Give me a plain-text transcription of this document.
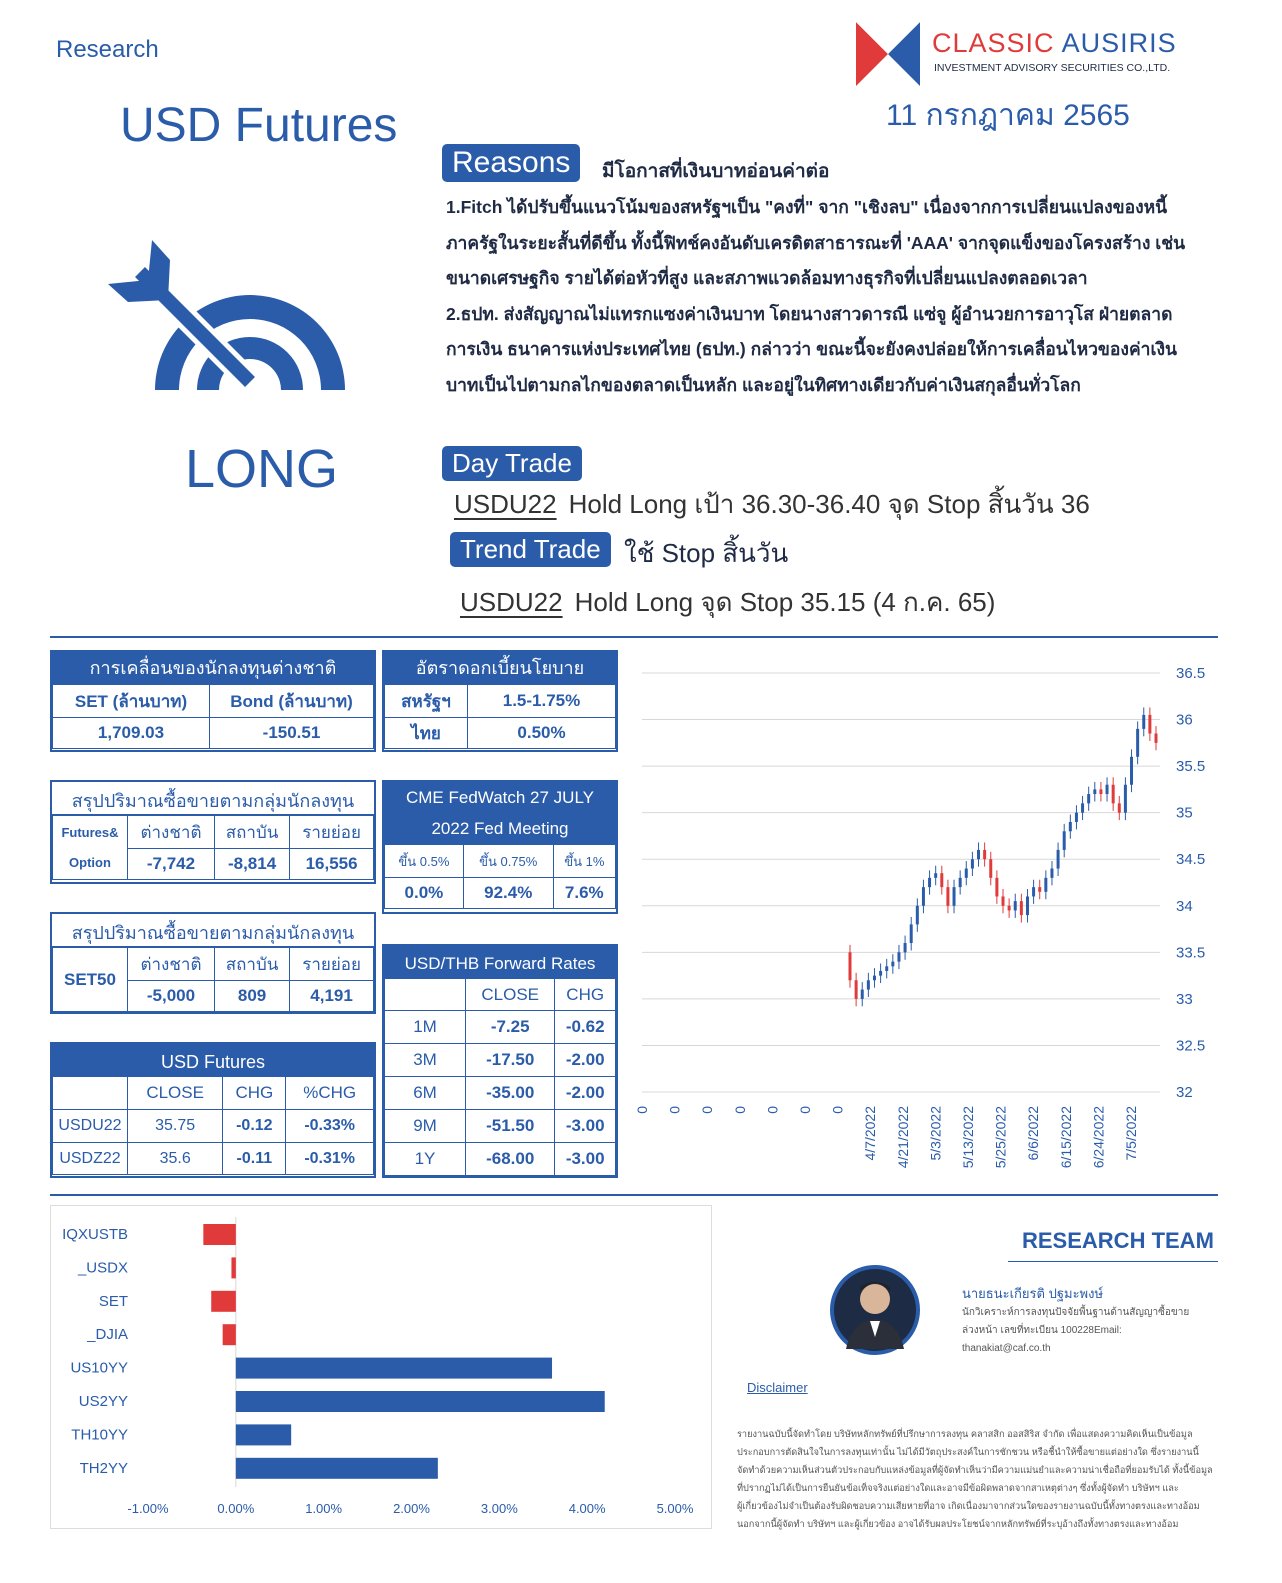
Research
USD Futures
CLASSIC AUSIRIS
INVESTMENT ADVISORY SECURITIES CO.,LTD.
11 กรกฎาคม 2565
LONG
Reasons	มีโอกาสที่เงินบาทอ่อนค่าต่อ
1.Fitch ได้ปรับขึ้นแนวโน้มของสหรัฐฯเป็น "คงที่" จาก "เชิงลบ" เนื่องจากการเปลี่ยนแปลงของหนี้
ภาครัฐในระยะสั้นที่ดีขึ้น ทั้งนี้ฟิทช์คงอันดับเครดิตสาธารณะที่ 'AAA' จากจุดแข็งของโครงสร้าง เช่น
ขนาดเศรษฐกิจ รายได้ต่อหัวที่สูง และสภาพแวดล้อมทางธุรกิจที่เปลี่ยนแปลงตลอดเวลา
2.ธปท. ส่งสัญญาณไม่แทรกแซงค่าเงินบาท โดยนางสาวดารณี แซ่จู ผู้อำนวยการอาวุโส ฝ่ายตลาด
การเงิน ธนาคารแห่งประเทศไทย (ธปท.) กล่าวว่า ขณะนี้จะยังคงปล่อยให้การเคลื่อนไหวของค่าเงิน
บาทเป็นไปตามกลไกของตลาดเป็นหลัก และอยู่ในทิศทางเดียวกับค่าเงินสกุลอื่นทั่วโลก
Day Trade
USDU22 Hold Long เป้า 36.30-36.40 จุด Stop สิ้นวัน 36
Trend Trade ใช้ Stop สิ้นวัน
USDU22 Hold Long จุด Stop 35.15 (4 ก.ค. 65)
การเคลื่อนของนักลงทุนต่างชาติ
SET (ล้านบาท)	Bond (ล้านบาท)
1,709.03	-150.51
อัตราดอกเบี้ยนโยบาย
สหรัฐฯ	1.5-1.75%
ไทย	0.50%
สรุปปริมาณซื้อขายตามกลุ่มนักลงทุน
Futures&
Option	ต่างชาติ	สถาบัน	รายย่อย
	-7,742	-8,814	16,556
CME FedWatch 27 JULY
2022 Fed Meeting
ขึ้น 0.5%	ขึ้น 0.75%	ขึ้น 1%
0.0%	92.4%	7.6%
สรุปปริมาณซื้อขายตามกลุ่มนักลงทุน
SET50	ต่างชาติ	สถาบัน	รายย่อย
	-5,000	809	4,191
USD/THB Forward Rates
	CLOSE	CHG
1M	-7.25	-0.62
3M	-17.50	-2.00
6M	-35.00	-2.00
9M	-51.50	-3.00
1Y	-68.00	-3.00
USD Futures
	CLOSE	CHG	%CHG
USDU22	35.75	-0.12	-0.33%
USDZ22	35.6	-0.11	-0.31%
36.5
36
35.5
35
34.5
34
33.5
33
32.5
32
0 0 0 0 0 0 0 4/7/2022 4/21/2022 5/3/2022 5/13/2022 5/25/2022 6/6/2022 6/15/2022 6/24/2022 7/5/2022
IQXUSTB
_USDX
SET
_DJIA
US10YY
US2YY
TH10YY
TH2YY
-1.00%	0.00%	1.00%	2.00%	3.00%	4.00%	5.00%
RESEARCH TEAM
นายธนะเกียรติ ปฐมะพงษ์
นักวิเคราะห์การลงทุนปัจจัยพื้นฐานด้านสัญญาซื้อขาย
ล่วงหน้า เลขที่ทะเบียน 100228Email:
thanakiat@caf.co.th
Disclaimer
รายงานฉบับนี้จัดทำโดย บริษัทหลักทรัพย์ที่ปรึกษาการลงทุน คลาสสิก ออสสิริส จำกัด เพื่อแสดงความคิดเห็นเป็นข้อมูล
ประกอบการตัดสินใจในการลงทุนเท่านั้น ไม่ได้มีวัตถุประสงค์ในการชักชวน หรือชี้นำให้ซื้อขายแต่อย่างใด ซึ่งรายงานนี้
จัดทำด้วยความเห็นส่วนตัวประกอบกับแหล่งข้อมูลที่ผู้จัดทำเห็นว่ามีความแม่นยำและความน่าเชื่อถือที่ยอมรับได้ ทั้งนี้ข้อมูล
ที่ปรากฏไม่ได้เป็นการยืนยันข้อเท็จจริงแต่อย่างใดและอาจมีข้อผิดพลาดจากสาเหตุต่างๆ ซึ่งทั้งผู้จัดทำ บริษัทฯ และ
ผู้เกี่ยวข้องไม่จำเป็นต้องรับผิดชอบความเสียหายที่อาจ เกิดเนื่องมาจากส่วนใดของรายงานฉบับนี้ทั้งทางตรงและทางอ้อม
นอกจากนี้ผู้จัดทำ บริษัทฯ และผู้เกี่ยวข้อง อาจได้รับผลประโยชน์จากหลักทรัพย์ที่ระบุอ้างถึงทั้งทางตรงและทางอ้อม
